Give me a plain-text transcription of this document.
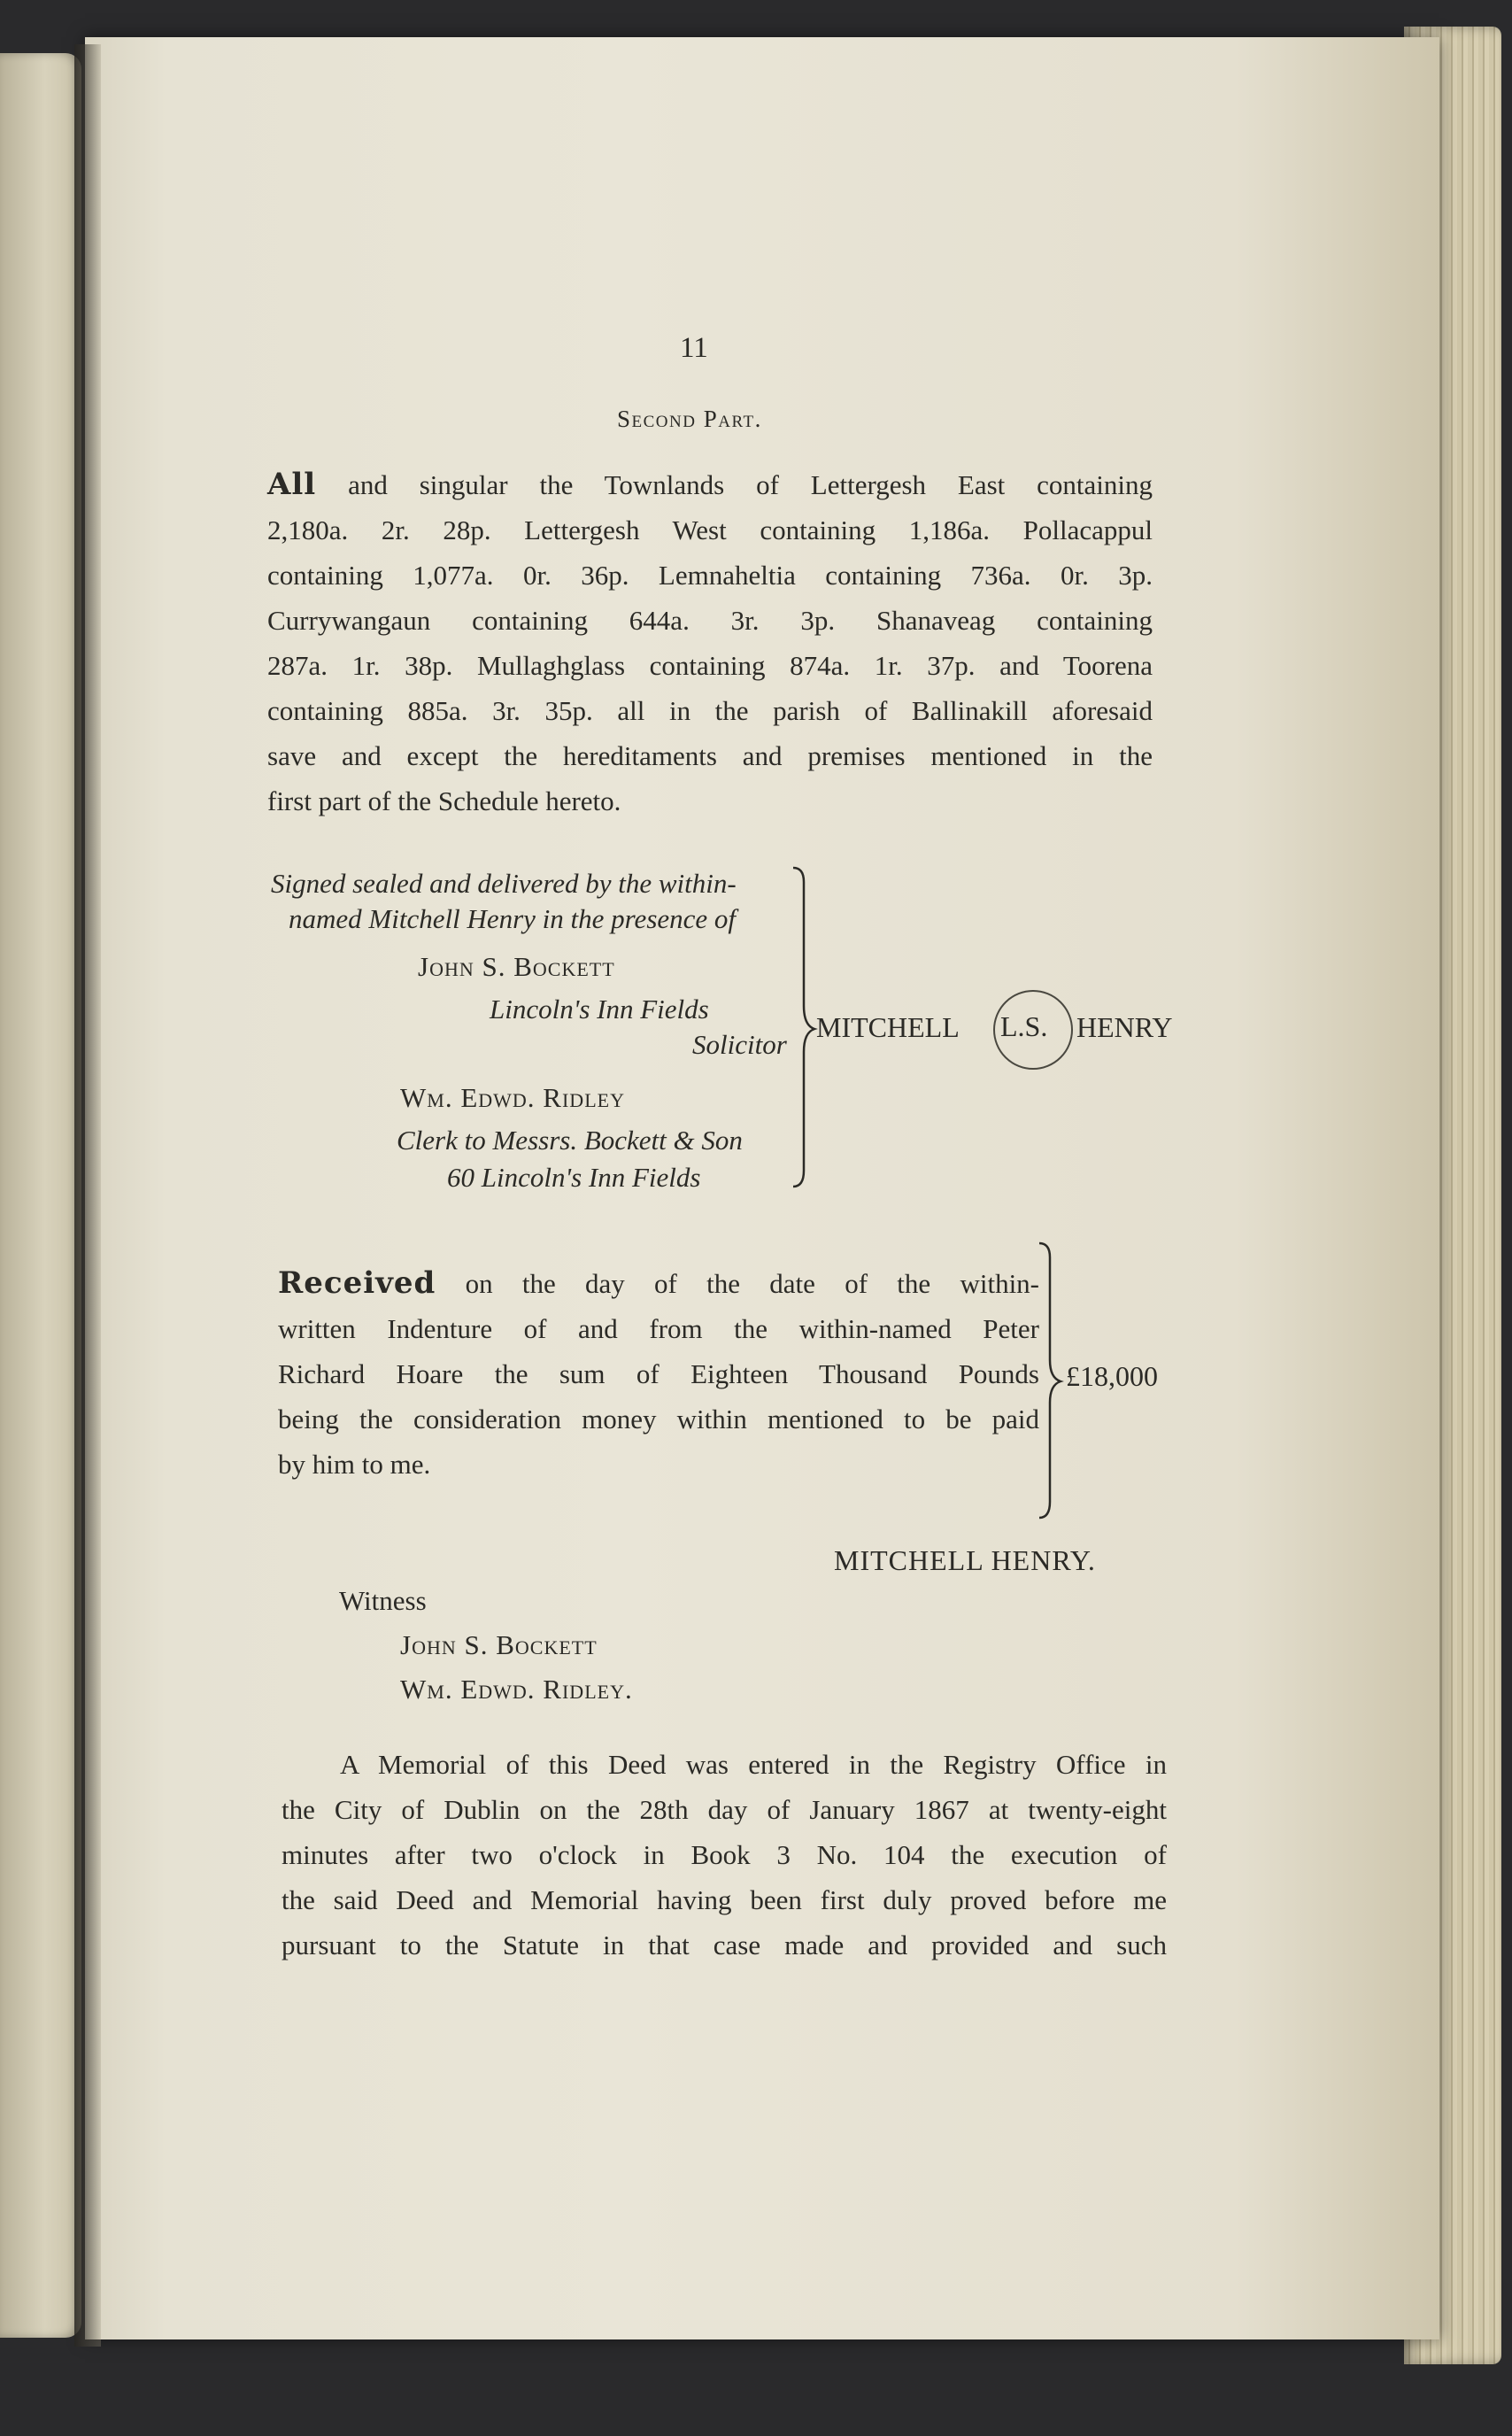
11
Second Part.
All and singular the Townlands of Lettergesh East containing
2,180a. 2r. 28p. Lettergesh West containing 1,186a. Pollacappul
containing 1,077a. 0r. 36p. Lemnaheltia containing 736a. 0r. 3p.
Currywangaun containing 644a. 3r. 3p. Shanaveag containing
287a. 1r. 38p. Mullaghglass containing 874a. 1r. 37p. and Toorena
containing 885a. 3r. 35p. all in the parish of Ballinakill aforesaid
save and except the hereditaments and premises mentioned in the
first part of the Schedule hereto.
Signed sealed and delivered by the within-
named Mitchell Henry in the presence of
John S. Bockett
Lincoln's Inn Fields
Solicitor
Wm. Edwd. Ridley
Clerk to Messrs. Bockett & Son
60 Lincoln's Inn Fields
MITCHELL L.S. HENRY
Received on the day of the date of the within-
written Indenture of and from the within-named Peter
Richard Hoare the sum of Eighteen Thousand Pounds
being the consideration money within mentioned to be paid
by him to me.
£18,000
MITCHELL HENRY.
Witness
John S. Bockett
Wm. Edwd. Ridley.
A Memorial of this Deed was entered in the Registry Office in
the City of Dublin on the 28th day of January 1867 at twenty-eight
minutes after two o'clock in Book 3 No. 104 the execution of
the said Deed and Memorial having been first duly proved before me
pursuant to the Statute in that case made and provided and such
